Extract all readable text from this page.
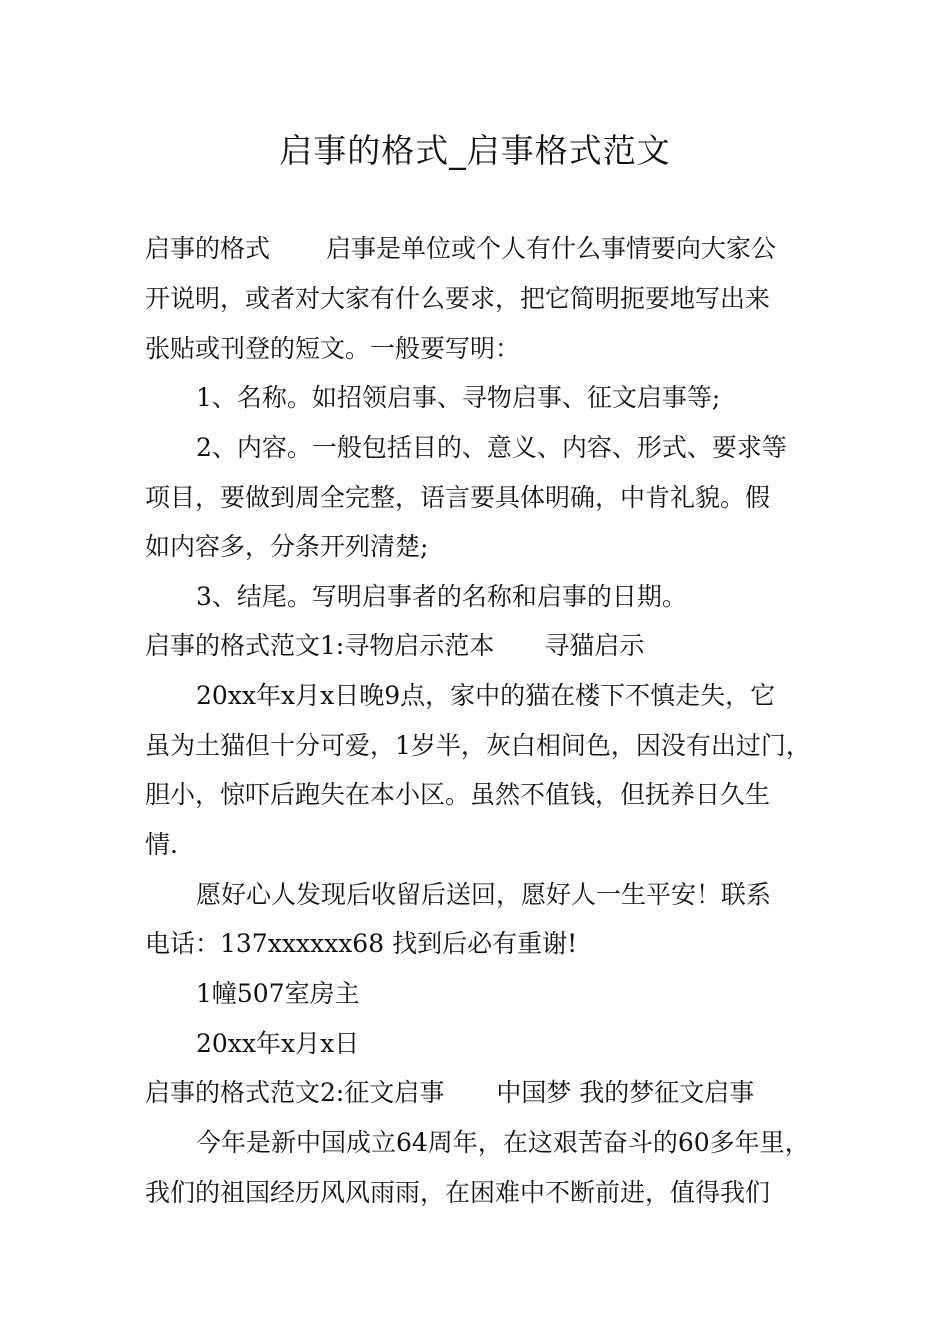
启事的格式_启事格式范文
启事的格式 启事是单位或个人有什么事情要向大家公
开说明，或者对大家有什么要求，把它简明扼要地写出来
张贴或刊登的短文。一般要写明：
1、名称。如招领启事、寻物启事、征文启事等;
2、内容。一般包括目的、意义、内容、形式、要求等
项目，要做到周全完整，语言要具体明确，中肯礼貌。假
如内容多，分条开列清楚;
3、结尾。写明启事者的名称和启事的日期。
启事的格式范文1:寻物启示范本 寻猫启示
20xx年x月x日晚9点，家中的猫在楼下不慎走失，它
虽为土猫但十分可爱，1岁半，灰白相间色，因没有出过门，
胆小，惊吓后跑失在本小区。虽然不值钱，但抚养日久生
情.
愿好心人发现后收留后送回，愿好人一生平安！联系
电话：137xxxxxx68 找到后必有重谢!
1幢507室房主
20xx年x月x日
启事的格式范文2:征文启事 中国梦 我的梦征文启事
今年是新中国成立64周年，在这艰苦奋斗的60多年里，
我们的祖国经历风风雨雨，在困难中不断前进，值得我们
